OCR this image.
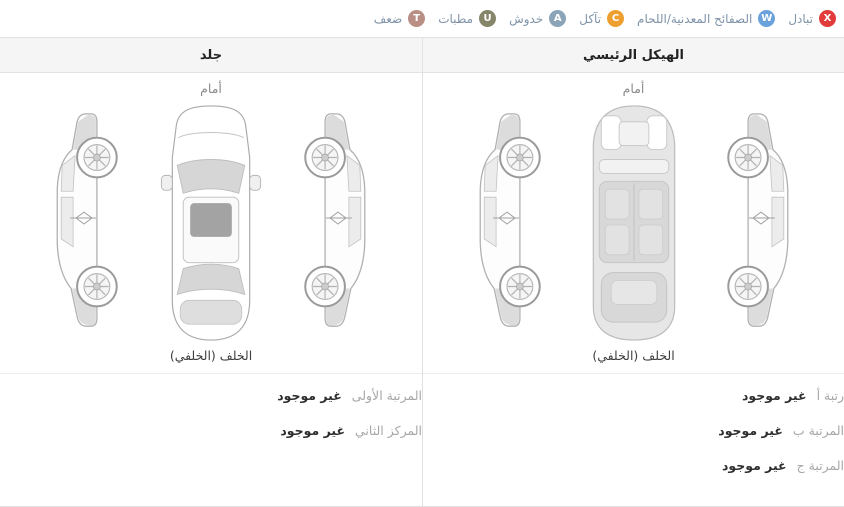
X
تبادل
W
الصفائح المعدنية/اللحام
C
تآكل
A
خدوش
U
مطبات
T
ضعف
الهيكل الرئيسي
جلد
أمام
الخلف (الخلفي)
رتبة أ
غير موجود
المرتبة ب
غير موجود
المرتبة ج
غير موجود
أمام
الخلف (الخلفي)
المرتبة الأولى
غير موجود
المركز الثاني
غير موجود
